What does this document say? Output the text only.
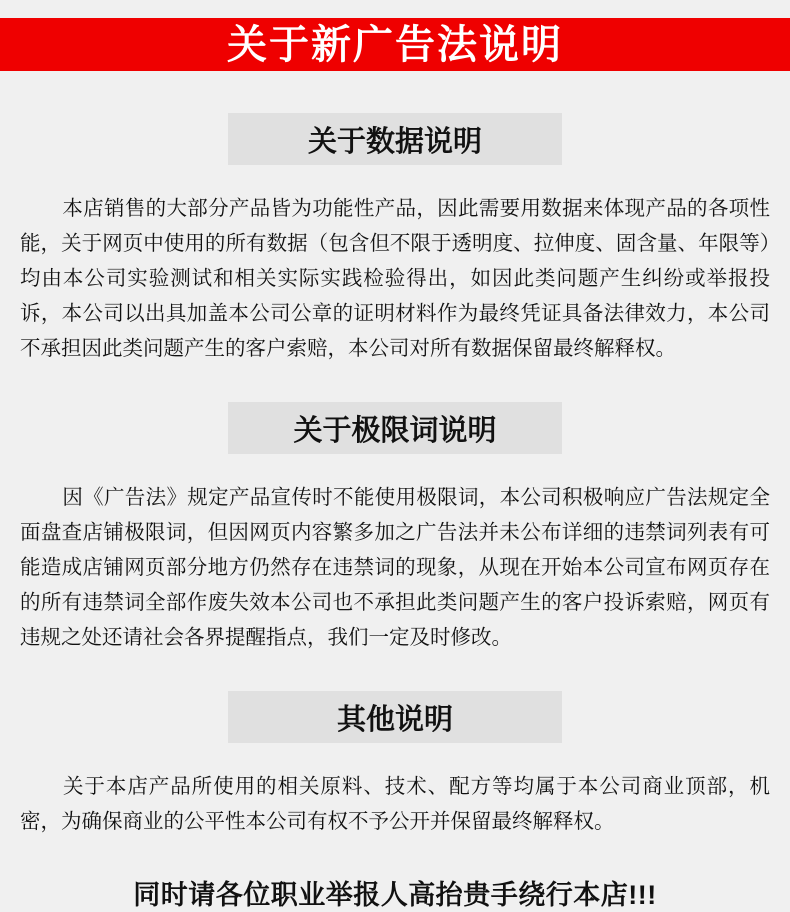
关于新广告法说明
关于数据说明

本店销售的大部分产品皆为功能性产品，因此需要用数据来体现产品的各项性能，关于网页中使用的所有数据（包含但不限于透明度、拉伸度、固含量、年限等）均由本公司实验测试和相关实际实践检验得出，如因此类问题产生纠纷或举报投诉，本公司以出具加盖本公司公章的证明材料作为最终凭证具备法律效力，本公司不承担因此类问题产生的客户索赔，本公司对所有数据保留最终解释权。

关于极限词说明

因《广告法》规定产品宣传时不能使用极限词，本公司积极响应广告法规定全面盘查店铺极限词，但因网页内容繁多加之广告法并未公布详细的违禁词列表有可能造成店铺网页部分地方仍然存在违禁词的现象，从现在开始本公司宣布网页存在的所有违禁词全部作废失效本公司也不承担此类问题产生的客户投诉索赔，网页有违规之处还请社会各界提醒指点，我们一定及时修改。

其他说明

关于本店产品所使用的相关原料、技术、配方等均属于本公司商业顶部，机密，为确保商业的公平性本公司有权不予公开并保留最终解释权。

同时请各位职业举报人高抬贵手绕行本店!!!
